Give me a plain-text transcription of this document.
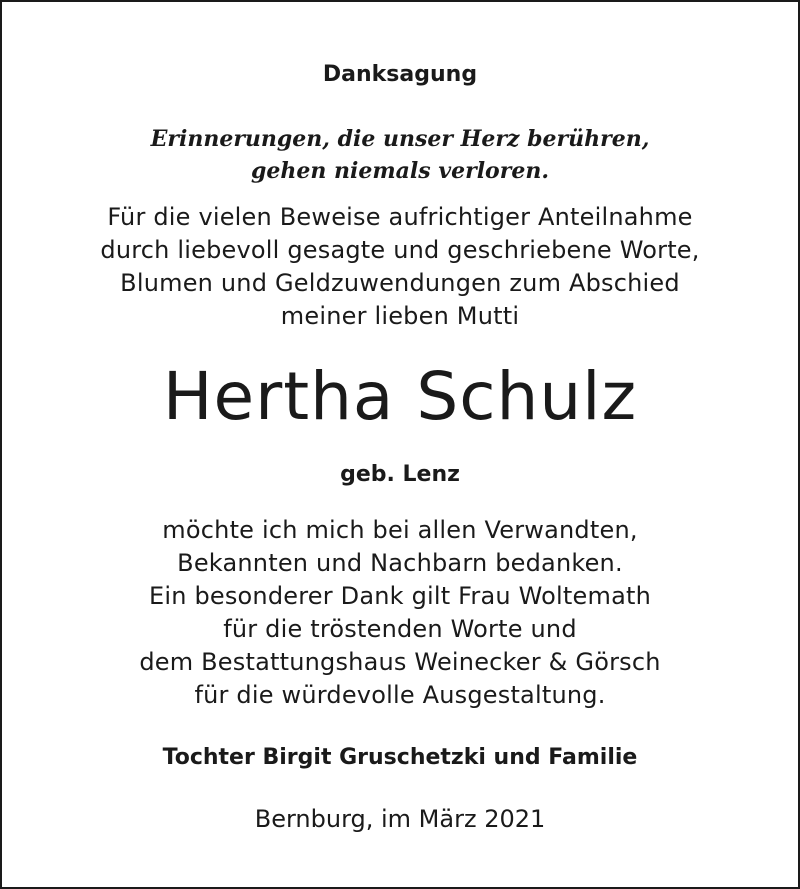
Danksagung
Erinnerungen, die unser Herz berühren,
gehen niemals verloren.
Für die vielen Beweise aufrichtiger Anteilnahme
durch liebevoll gesagte und geschriebene Worte,
Blumen und Geldzuwendungen zum Abschied
meiner lieben Mutti
Hertha Schulz
geb. Lenz
möchte ich mich bei allen Verwandten,
Bekannten und Nachbarn bedanken.
Ein besonderer Dank gilt Frau Woltemath
für die tröstenden Worte und
dem Bestattungshaus Weinecker & Görsch
für die würdevolle Ausgestaltung.
Tochter Birgit Gruschetzki und Familie
Bernburg, im März 2021
